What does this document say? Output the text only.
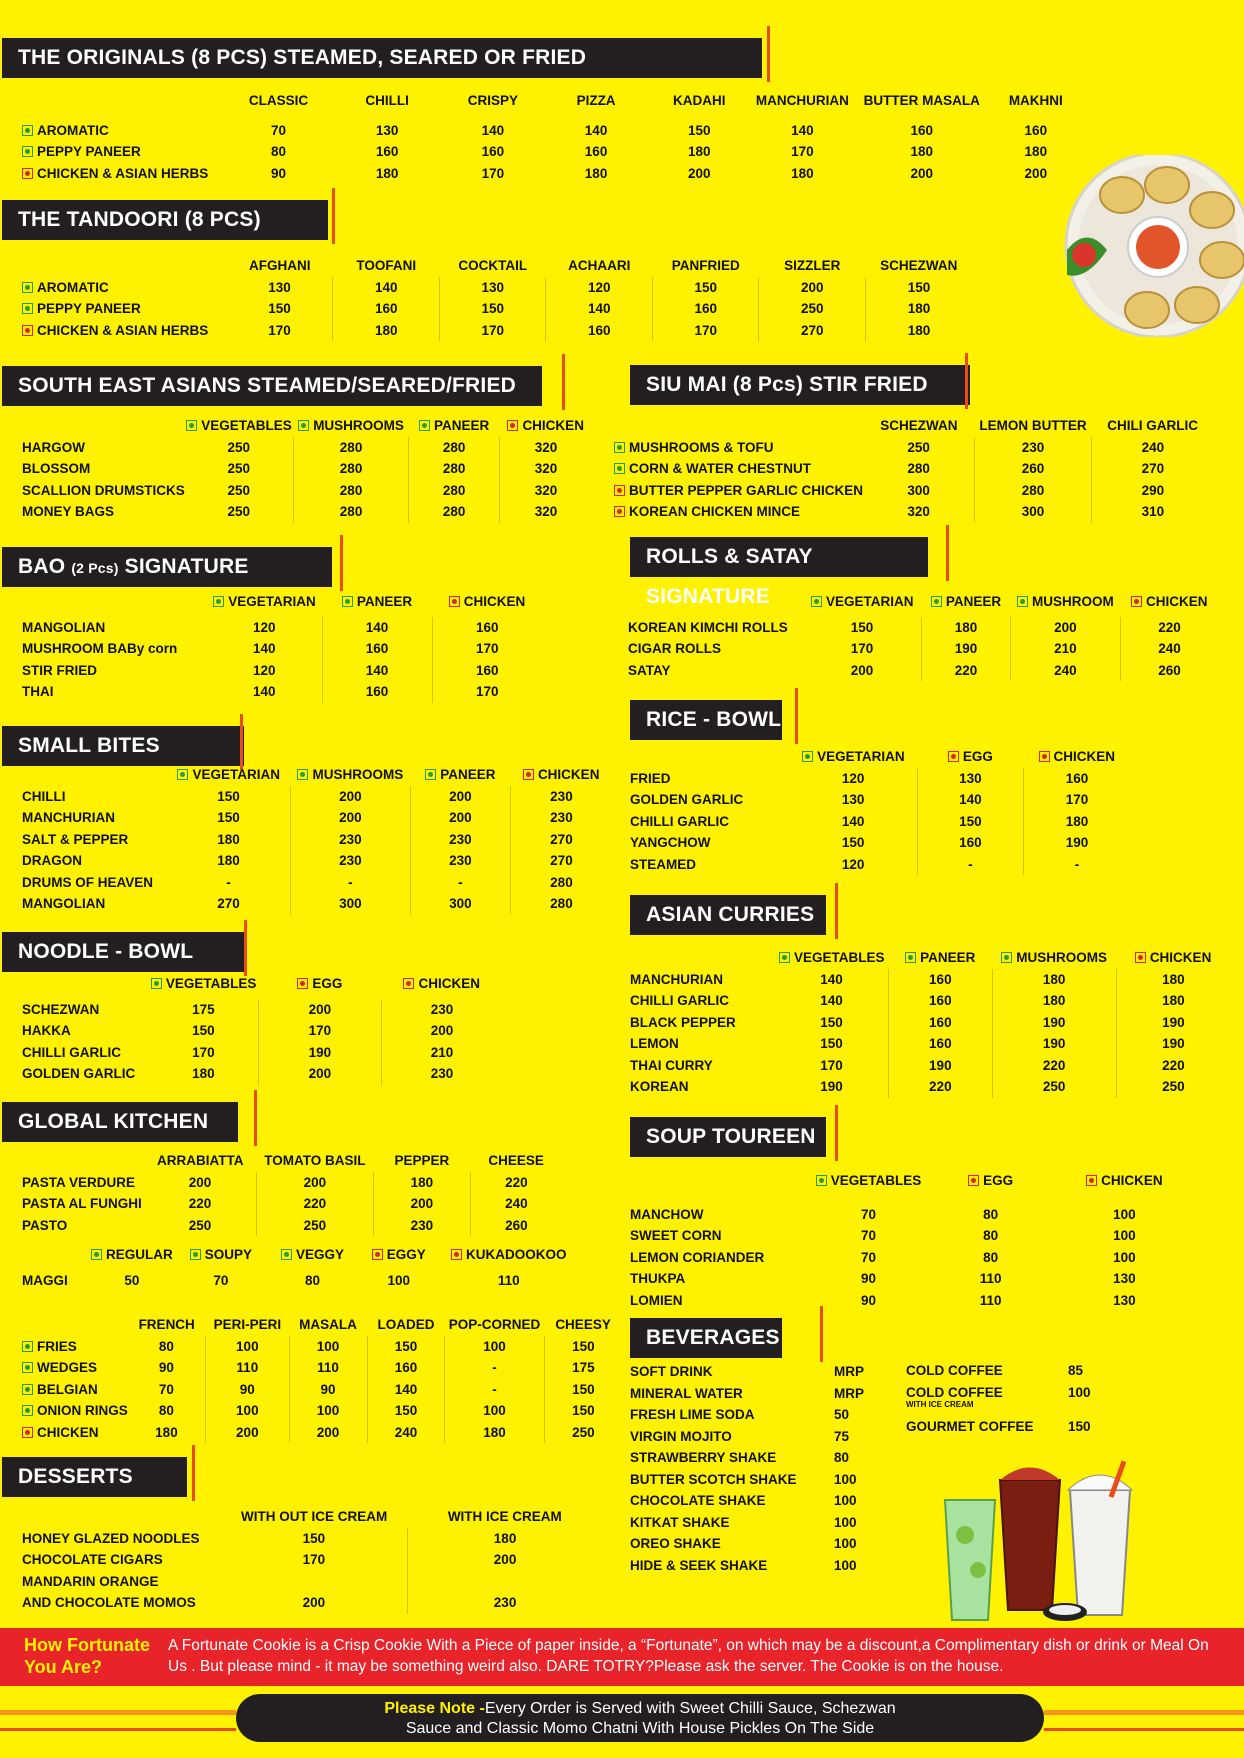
THE ORIGINALS (8 PCS) STEAMED, SEARED OR FRIED
	CLASSIC	CHILLI	CRISPY	PIZZA	KADAHI	MANCHURIAN	BUTTER MASALA	MAKHNI

AROMATIC	70	130	140	140	150	140	160	160
PEPPY PANEER	80	160	160	160	180	170	180	180
CHICKEN & ASIAN HERBS	90	180	170	180	200	180	200	200
THE TANDOORI (8 PCS)
	AFGHANI	TOOFANI	COCKTAIL	ACHAARI	PANFRIED	SIZZLER	SCHEZWAN
AROMATIC	130	140	130	120	150	200	150
PEPPY PANEER	150	160	150	140	160	250	180
CHICKEN & ASIAN HERBS	170	180	170	160	170	270	180
SOUTH EAST ASIANS STEAMED/SEARED/FRIED
	VEGETABLES	MUSHROOMS	PANEER	CHICKEN
HARGOW	250	280	280	320
BLOSSOM	250	280	280	320
SCALLION DRUMSTICKS	250	280	280	320
MONEY BAGS	250	280	280	320
SIU MAI (8 Pcs) STIR FRIED
	SCHEZWAN	LEMON BUTTER	CHILI GARLIC
MUSHROOMS & TOFU	250	230	240
CORN & WATER CHESTNUT	280	260	270
BUTTER PEPPER GARLIC CHICKEN	300	280	290
KOREAN CHICKEN MINCE	320	300	310
BAO (2 Pcs) SIGNATURE
	VEGETARIAN	PANEER	CHICKEN

MANGOLIAN	120	140	160
MUSHROOM BABy corn	140	160	170
STIR FRIED	120	140	160
THAI	140	160	170
ROLLS & SATAY SIGNATURE
		VEGETARIAN	PANEER	MUSHROOM	CHICKEN

KOREAN KIMCHI ROLLS	150	180	200	220
CIGAR ROLLS	170	190	210	240
SATAY	200	220	240	260
SMALL BITES
	VEGETARIAN	MUSHROOMS	PANEER	CHICKEN
CHILLI	150	200	200	230
MANCHURIAN	150	200	200	230
SALT & PEPPER	180	230	230	270
DRAGON	180	230	230	270
DRUMS OF HEAVEN	-	-	-	280
MANGOLIAN	270	300	300	280
RICE - BOWL
	VEGETARIAN	EGG	CHICKEN
FRIED	120	130	160
GOLDEN GARLIC	130	140	170
CHILLI GARLIC	140	150	180
YANGCHOW	150	160	190
STEAMED	120	-	-
NOODLE - BOWL
	VEGETABLES	EGG	CHICKEN

SCHEZWAN	175	200	230
HAKKA	150	170	200
CHILLI GARLIC	170	190	210
GOLDEN GARLIC	180	200	230
ASIAN CURRIES
	VEGETABLES	PANEER	MUSHROOMS	CHICKEN
MANCHURIAN	140	160	180	180
CHILLI GARLIC	140	160	180	180
BLACK PEPPER	150	160	190	190
LEMON	150	160	190	190
THAI CURRY	170	190	220	220
KOREAN	190	220	250	250
GLOBAL KITCHEN
	ARRABIATTA	TOMATO BASIL	PEPPER	CHEESE
PASTA VERDURE	200	200	180	220
PASTA AL FUNGHI	220	220	200	240
PASTO	250	250	230	260
	REGULAR	SOUPY	VEGGY	EGGY	KUKADOOKOO

MAGGI	50	70	80	100	110
	FRENCH	PERI-PERI	MASALA	LOADED	POP-CORNED	CHEESY
FRIES	80	100	100	150	100	150
WEDGES	90	110	110	160	-	175
BELGIAN	70	90	90	140	-	150
ONION RINGS	80	100	100	150	100	150
CHICKEN	180	200	200	240	180	250
SOUP TOUREEN
	VEGETABLES	EGG	CHICKEN

MANCHOW	70	80	100
SWEET CORN	70	80	100
LEMON CORIANDER	70	80	100
THUKPA	90	110	130
LOMIEN	90	110	130
DESSERTS
	WITH OUT ICE CREAM	WITH ICE CREAM
HONEY GLAZED NOODLES	150	180
CHOCOLATE CIGARS	170	200
MANDARIN ORANGE		
AND CHOCOLATE MOMOS	200	230
BEVERAGES
SOFT DRINK	MRP
MINERAL WATER	MRP
FRESH LIME SODA	50
VIRGIN MOJITO	75
STRAWBERRY SHAKE	80
BUTTER SCOTCH SHAKE	100
CHOCOLATE SHAKE	100
KITKAT SHAKE	100
OREO SHAKE	100
HIDE & SEEK SHAKE	100
COLD COFFEE	85
COLD COFFEE	100
WITH ICE CREAM
GOURMET COFFEE	150
How Fortunate
You Are?
A Fortunate Cookie is a Crisp Cookie With a Piece of paper inside, a “Fortunate”, on which may be a discount,a Complimentary dish or drink or Meal On Us . But please mind - it may be something weird also. DARE TOTRY?Please ask the server. The Cookie is on the house.
Please Note -Every Order is Served with Sweet Chilli Sauce, Schezwan
Sauce and Classic Momo Chatni With House Pickles On The Side
